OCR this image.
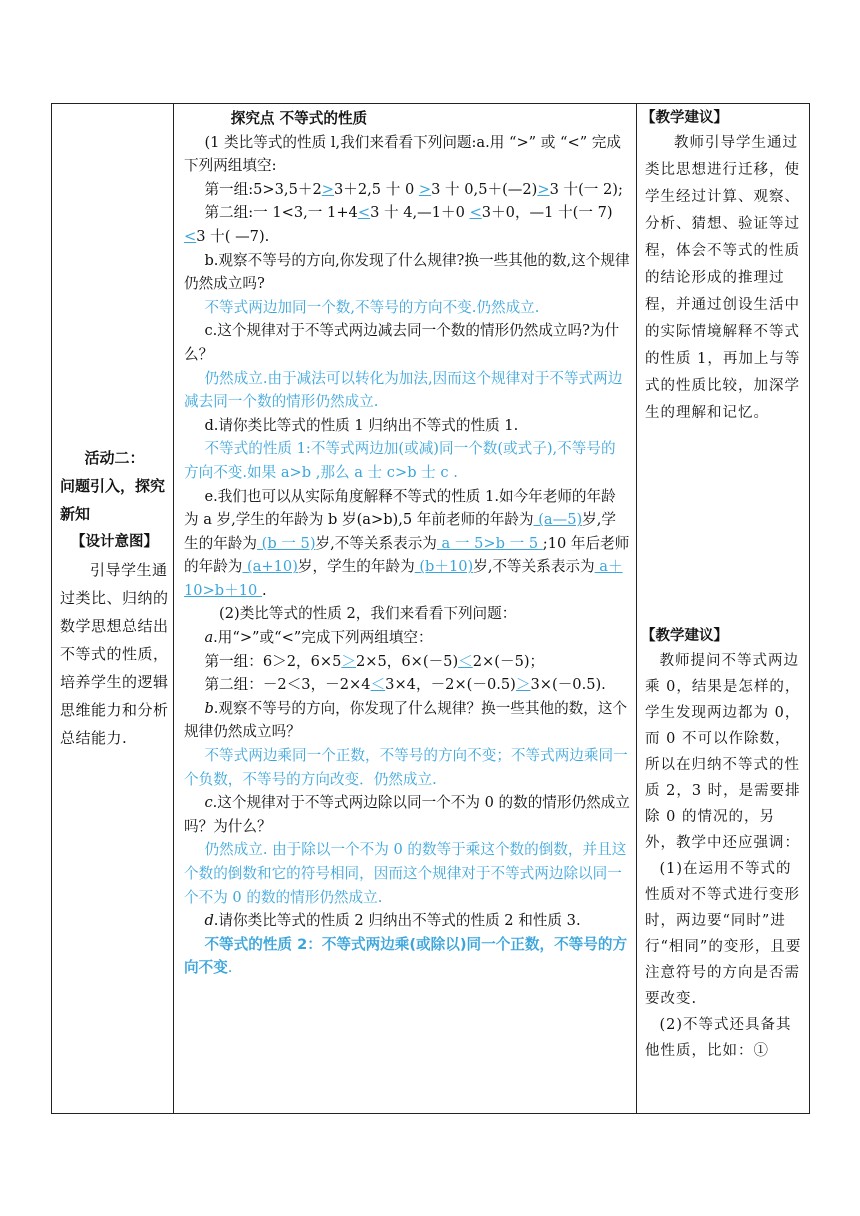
活动二：
问题引入，探究新知
【设计意图】
引导学生通过类比、归纳的数学思想总结出不等式的性质，培养学生的逻辑思维能力和分析总结能力.

探究点 不等式的性质

(1 类比等式的性质 l,我们来看看下列问题:a.用 “>” 或 “<” 完成下列两组填空:

第一组:5>3,5＋2>3＋2,5 十 0 >3 十 0,5＋(—2)>3 十(一 2);

第二组:一 1<3,一 1+4<3 十 4,—1＋0 <3＋0，—1 十(一 7)<3 十( —7).

b.观察不等号的方向,你发现了什么规律?换一些其他的数,这个规律仍然成立吗?

不等式两边加同一个数,不等号的方向不变.仍然成立.

c.这个规律对于不等式两边减去同一个数的情形仍然成立吗?为什么？

仍然成立.由于减法可以转化为加法,因而这个规律对于不等式两边减去同一个数的情形仍然成立.

d.请你类比等式的性质 1 归纳出不等式的性质 1.

不等式的性质 1:不等式两边加(或减)同一个数(或式子),不等号的方向不变.如果 a>b ,那么 a 士 c>b 士 c .

e.我们也可以从实际角度解释不等式的性质 1.如今年老师的年龄为 a 岁,学生的年龄为 b 岁(a>b),5 年前老师的年龄为 (a—5)岁,学生的年龄为 (b 一 5)岁,不等关系表示为 a 一 5>b 一 5 ;10 年后老师的年龄为 (a+10)岁，学生的年龄为 (b＋10)岁,不等关系表示为 a＋10>b＋10 .

(2)类比等式的性质 2，我们来看看下列问题：

a.用“>”或“<”完成下列两组填空：

第一组：6＞2，6×5＞2×5，6×(－5)＜2×(－5)；

第二组：－2＜3，－2×4＜3×4，－2×(－0.5)＞3×(－0.5).

b.观察不等号的方向，你发现了什么规律？换一些其他的数，这个规律仍然成立吗？

不等式两边乘同一个正数，不等号的方向不变；不等式两边乘同一个负数，不等号的方向改变．仍然成立.

c.这个规律对于不等式两边除以同一个不为 0 的数的情形仍然成立吗？为什么？

仍然成立. 由于除以一个不为 0 的数等于乘这个数的倒数，并且这个数的倒数和它的符号相同，因而这个规律对于不等式两边除以同一个不为 0 的数的情形仍然成立.

d.请你类比等式的性质 2 归纳出不等式的性质 2 和性质 3.

不等式的性质 2：不等式两边乘(或除以)同一个正数，不等号的方向不变.

【教学建议】

教师引导学生通过类比思想进行迁移，使学生经过计算、观察、分析、猜想、验证等过程，体会不等式的性质的结论形成的推理过程，并通过创设生活中的实际情境解释不等式的性质 1，再加上与等式的性质比较，加深学生的理解和记忆。

【教学建议】

教师提问不等式两边乘 0，结果是怎样的，学生发现两边都为 0，而 0 不可以作除数，所以在归纳不等式的性质 2，3 时，是需要排除 0 的情况的，另外，教学中还应强调：

(1)在运用不等式的性质对不等式进行变形时，两边要“同时”进行“相同”的变形，且要注意符号的方向是否需要改变.

(2)不等式还具备其他性质，比如：①
